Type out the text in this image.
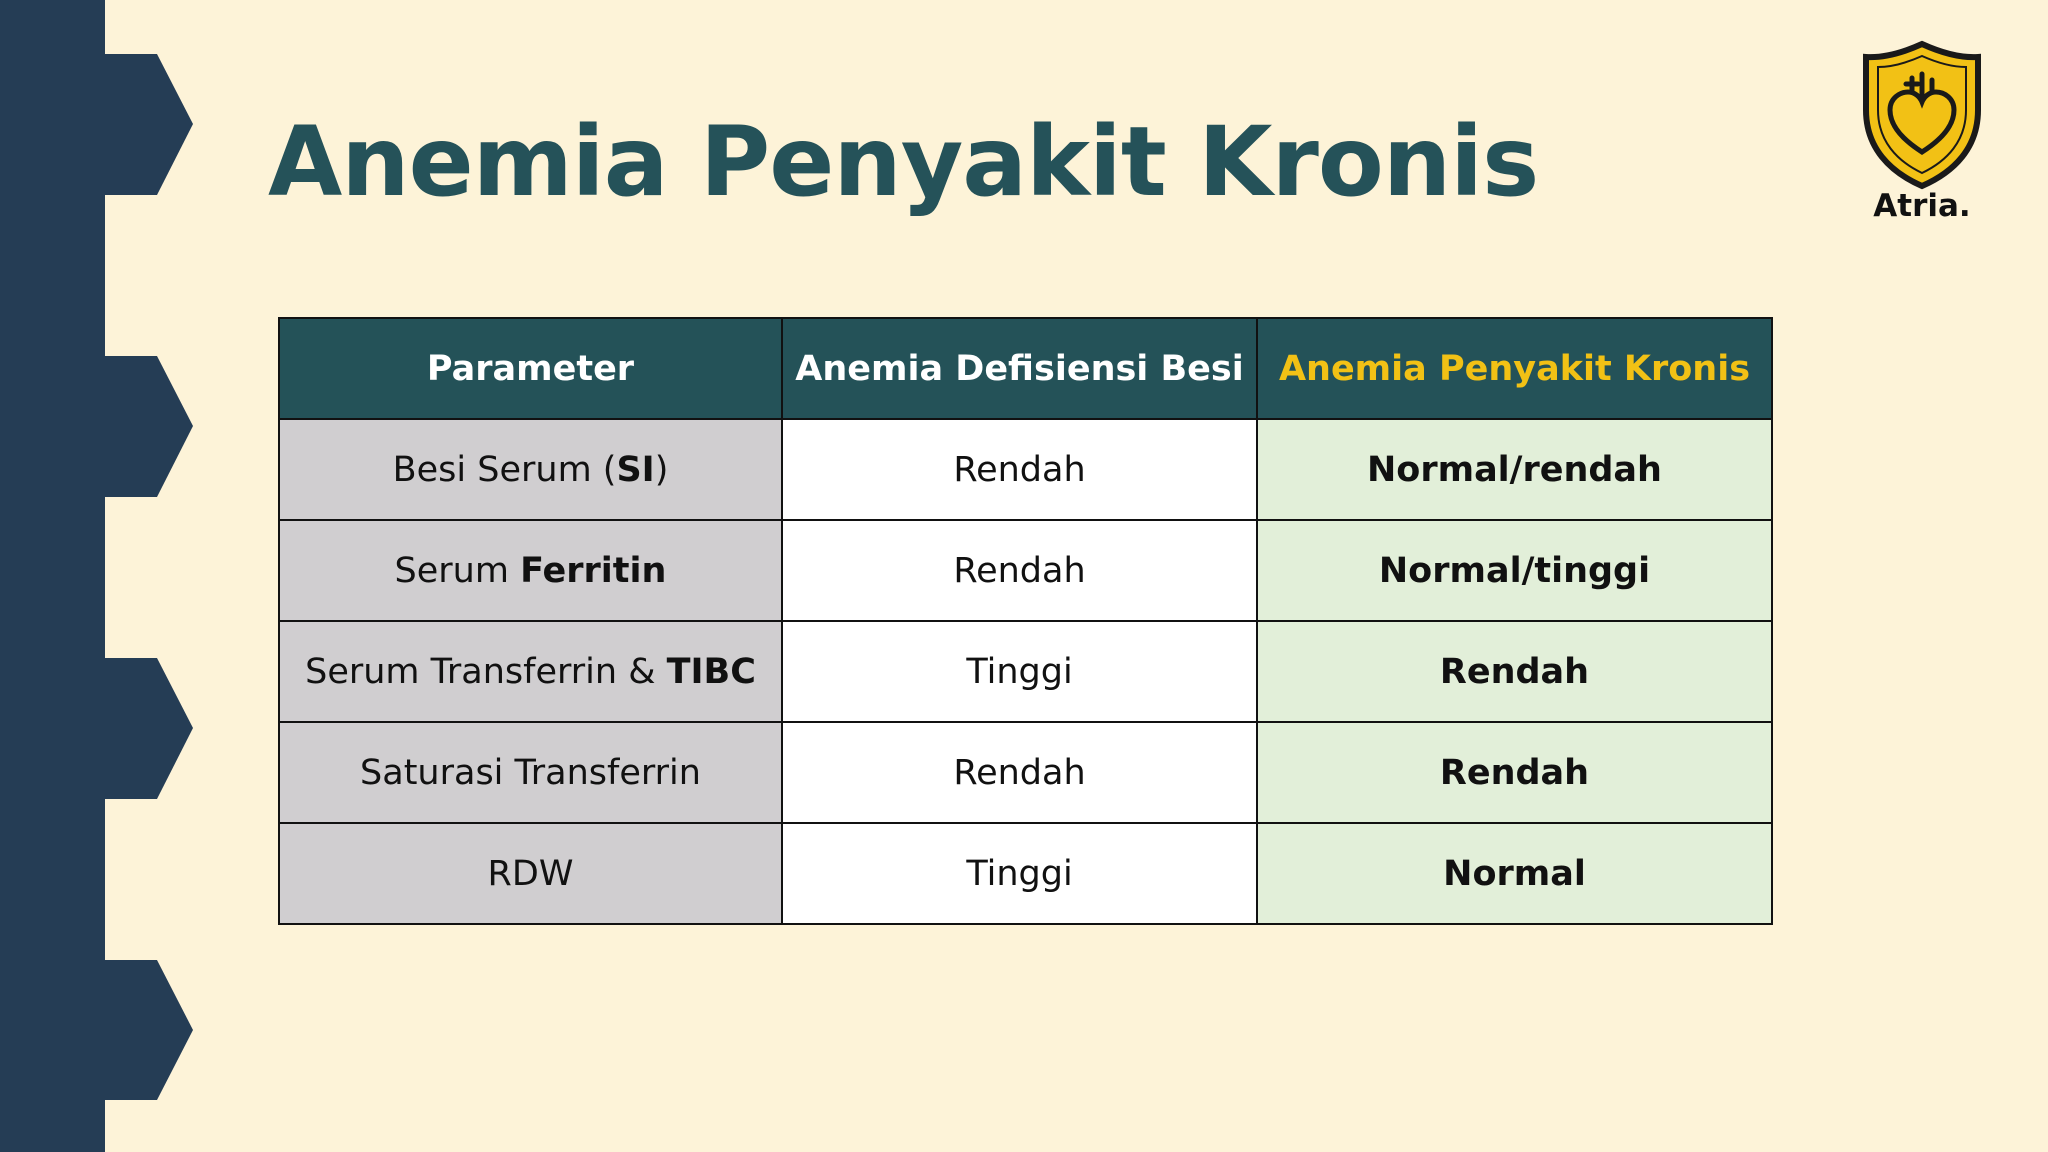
Anemia Penyakit Kronis	Atria.
Parameter	Anemia Defisiensi Besi	Anemia Penyakit Kronis
Besi Serum (SI)	Rendah	Normal/rendah
Serum Ferritin	Rendah	Normal/tinggi
Serum Transferrin & TIBC	Tinggi	Rendah
Saturasi Transferrin	Rendah	Rendah
RDW	Tinggi	Normal
